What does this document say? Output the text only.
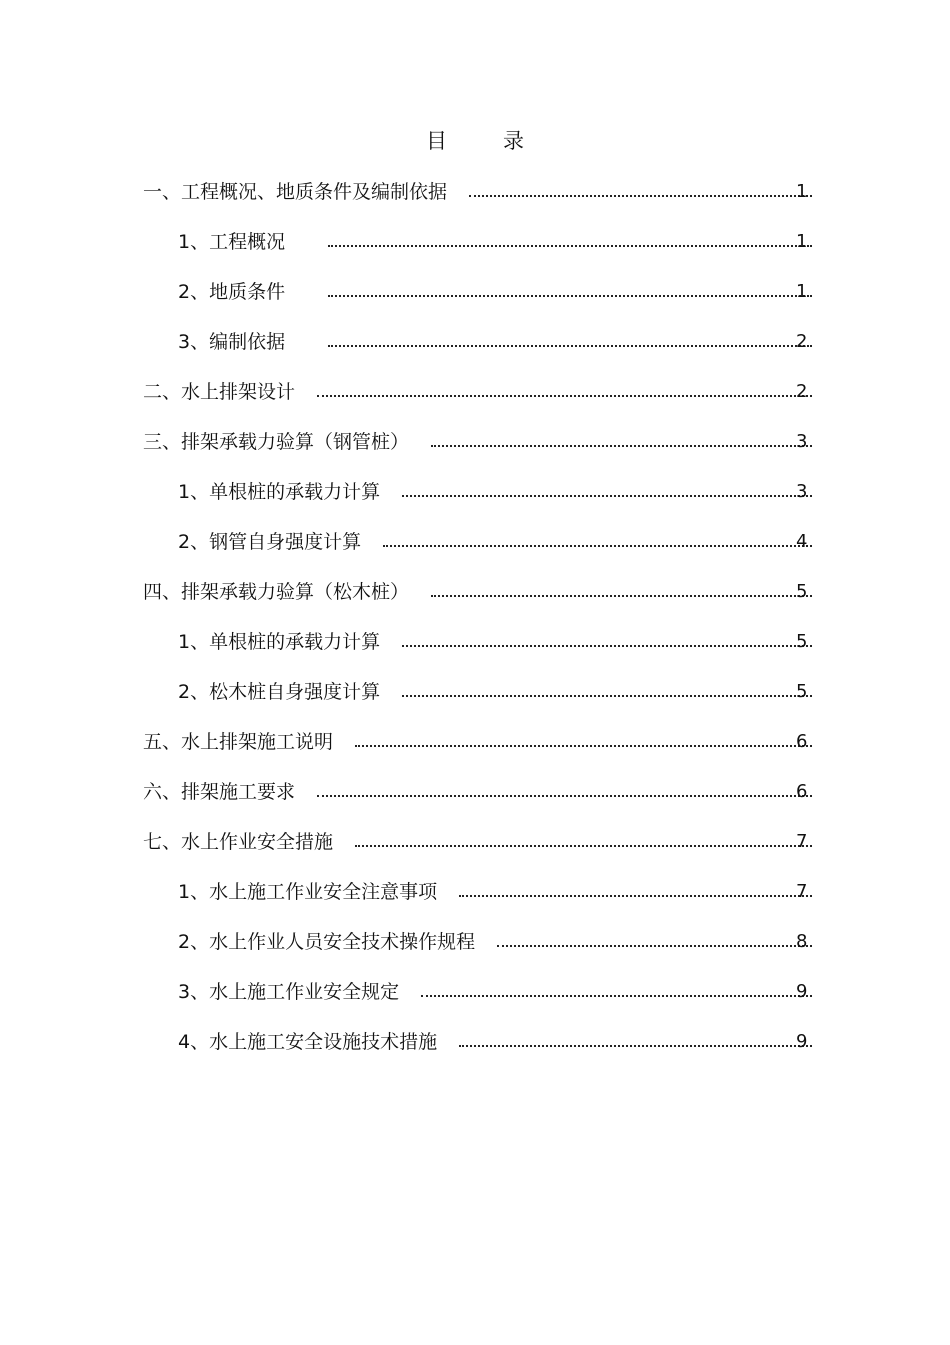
目	录
一、工程概况、地质条件及编制依据	1
1、工程概况	1
2、地质条件	1
3、编制依据	2
二、水上排架设计	2
三、排架承载力验算（钢管桩）	3
1、单根桩的承载力计算	3
2、钢管自身强度计算	4
四、排架承载力验算（松木桩）	5
1、单根桩的承载力计算	5
2、松木桩自身强度计算	5
五、水上排架施工说明	6
六、排架施工要求	6
七、水上作业安全措施	7
1、水上施工作业安全注意事项	7
2、水上作业人员安全技术操作规程	8
3、水上施工作业安全规定	9
4、水上施工安全设施技术措施	9
